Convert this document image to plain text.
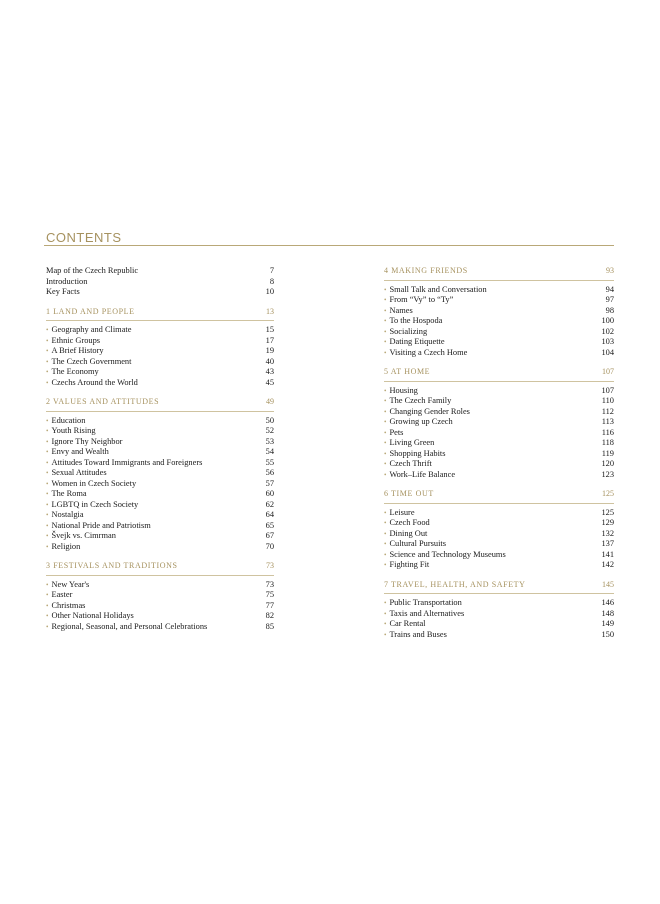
CONTENTS
Map of the Czech Republic	7
Introduction	8
Key Facts	10
1 LAND AND PEOPLE	13
• Geography and Climate	15
• Ethnic Groups	17
• A Brief History	19
• The Czech Government	40
• The Economy	43
• Czechs Around the World	45
2 VALUES AND ATTITUDES	49
• Education	50
• Youth Rising	52
• Ignore Thy Neighbor	53
• Envy and Wealth	54
• Attitudes Toward Immigrants and Foreigners	55
• Sexual Attitudes	56
• Women in Czech Society	57
• The Roma	60
• LGBTQ in Czech Society	62
• Nostalgia	64
• National Pride and Patriotism	65
• Švejk vs. Cimrman	67
• Religion	70
3 FESTIVALS AND TRADITIONS	73
• New Year's	73
• Easter	75
• Christmas	77
• Other National Holidays	82
• Regional, Seasonal, and Personal Celebrations	85
4 MAKING FRIENDS	93
• Small Talk and Conversation	94
• From “Vy” to “Ty”	97
• Names	98
• To the Hospoda	100
• Socializing	102
• Dating Etiquette	103
• Visiting a Czech Home	104
5 AT HOME	107
• Housing	107
• The Czech Family	110
• Changing Gender Roles	112
• Growing up Czech	113
• Pets	116
• Living Green	118
• Shopping Habits	119
• Czech Thrift	120
• Work–Life Balance	123
6 TIME OUT	125
• Leisure	125
• Czech Food	129
• Dining Out	132
• Cultural Pursuits	137
• Science and Technology Museums	141
• Fighting Fit	142
7 TRAVEL, HEALTH, AND SAFETY	145
• Public Transportation	146
• Taxis and Alternatives	148
• Car Rental	149
• Trains and Buses	150
